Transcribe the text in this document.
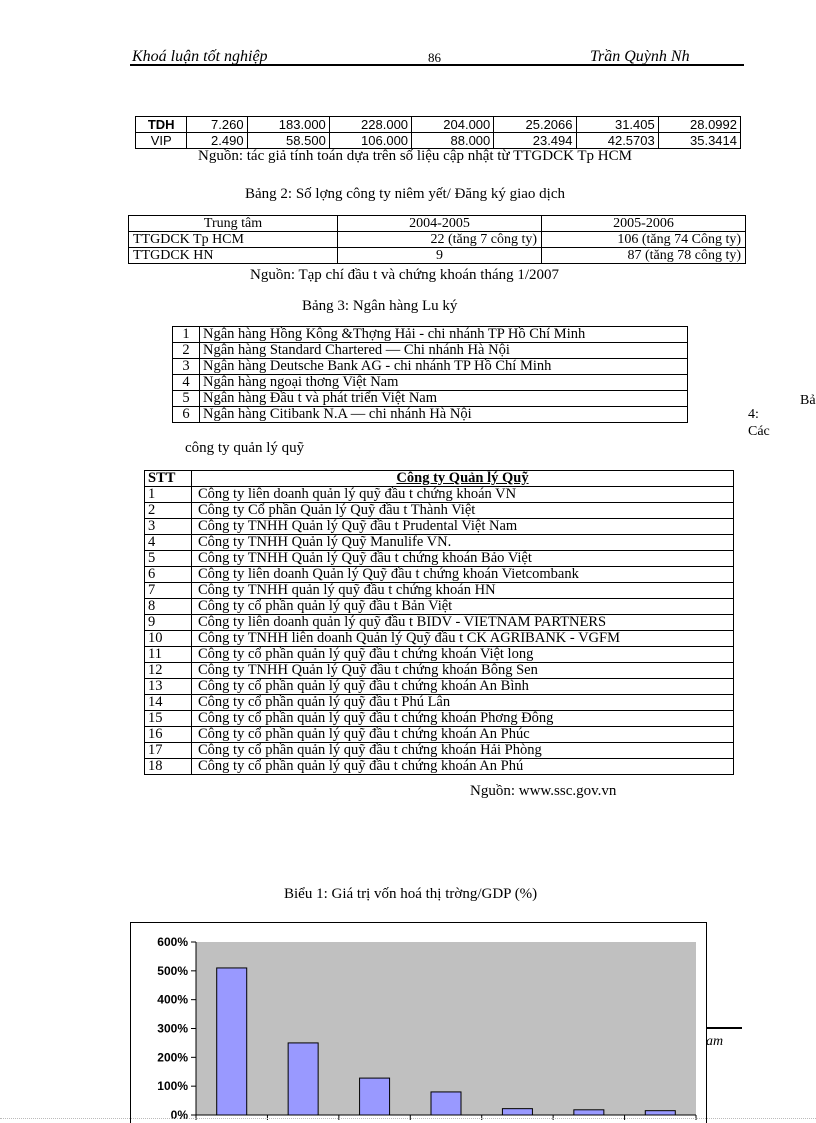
Khoá luận tốt nghiệp	86	Trần Quỳnh Nh
TDH	7.260	183.000	228.000	204.000	25.2066	31.405	28.0992
VIP	2.490	58.500	106.000	88.000	23.494	42.5703	35.3414
Nguồn: tác giả tính toán dựa trên số liệu cập nhật từ TTGDCK Tp HCM
Bảng 2: Số lợng công ty niêm yết/ Đăng ký giao dịch
Trung tâm	2004-2005	2005-2006
TTGDCK Tp HCM	22 (tăng 7 công ty)	106 (tăng 74 Công ty)
TTGDCK HN	9	87 (tăng 78 công ty)
Nguồn: Tạp chí đầu t và chứng khoán tháng 1/2007
Bảng 3: Ngân hàng Lu ký
1	Ngân hàng Hồng Kông &Thợng Hải - chi nhánh TP Hồ Chí Minh
2	Ngân hàng Standard Chartered — Chi nhánh Hà Nội
3	Ngân hàng Deutsche Bank AG - chi nhánh TP Hồ Chí Minh
4	Ngân hàng ngoại thơng Việt Nam
5	Ngân hàng Đầu t và phát triển Việt Nam
6	Ngân hàng Citibank N.A — chi nhánh Hà Nội
Bả
4:
Các
công ty quản lý quỹ
STT	Công ty Quản lý Quỹ
1	Công ty liên doanh quản lý quỹ đầu t chứng khoán VN
2	Công ty Cổ phần Quản lý Quỹ đầu t Thành Việt
3	Công ty TNHH Quản lý Quỹ đầu t Prudental Việt Nam
4	Công ty TNHH Quản lý Quỹ Manulife VN.
5	Công ty TNHH Quản lý Quỹ đầu t chứng khoán Bảo Việt
6	Công ty liên doanh Quản lý Quỹ đầu t chứng khoán Vietcombank
7	Công ty TNHH quản lý quỹ đầu t chứng khoán HN
8	Công ty cổ phần quản lý quỹ đầu t Bản Việt
9	Công ty liên doanh quản lý quỹ đầu t BIDV - VIETNAM PARTNERS
10	Công ty TNHH liên doanh Quản lý Quỹ đầu t CK AGRIBANK - VGFM
11	Công ty cổ phần quản lý quỹ đầu t chứng khoán Việt long
12	Công ty TNHH Quản lý Quỹ đầu t chứng khoán Bông Sen
13	Công ty cổ phần quản lý quỹ đầu t chứng khoán An Bình
14	Công ty cổ phần quản lý quỹ đầu t Phú Lân
15	Công ty cổ phần quản lý quỹ đầu t chứng khoán Phơng Đông
16	Công ty cổ phần quản lý quỹ đầu t chứng khoán An Phúc
17	Công ty cổ phần quản lý quỹ đầu t chứng khoán Hải Phòng
18	Công ty cổ phần quản lý quỹ đầu t chứng khoán An Phú
Nguồn: www.ssc.gov.vn
Biểu 1: Giá trị vốn hoá thị trờng/GDP (%)
am
0%
100%
200%
300%
400%
500%
600%
